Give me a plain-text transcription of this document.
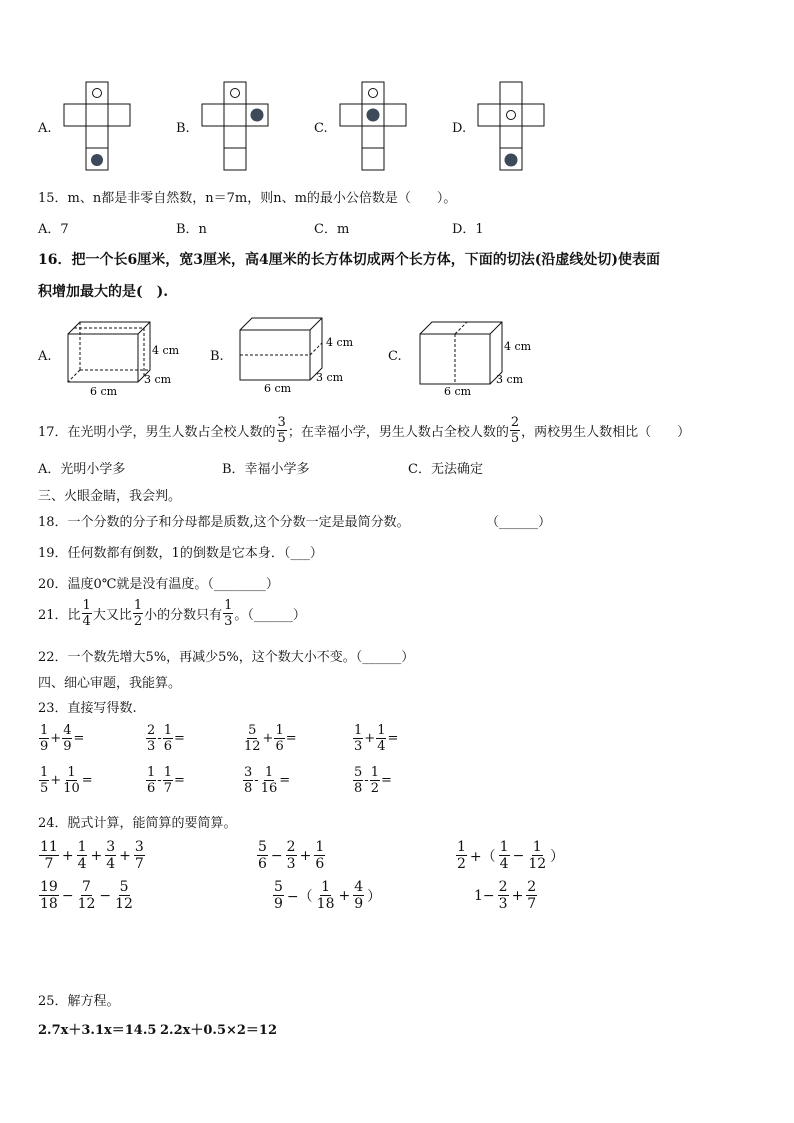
A.	B.	C.	D.
15．m、n都是非零自然数，n＝7m，则n、m的最小公倍数是（　　）。
A．7	B．n	C．m	D．1
16．把一个长6厘米，宽3厘米，高4厘米的长方体切成两个长方体，下面的切法(沿虚线处切)使表面
积增加最大的是(　).
A.	4 cm
3 cm
6 cm
B.
4 cm
3 cm
6 cm
C.
4 cm
3 cm
6 cm
17．在光明小学，男生人数占全校人数的 $\frac{3}{5}$ ；在幸福小学，男生人数占全校人数的 $\frac{2}{5}$ ，两校男生人数相比（　　）
A．光明小学多	B．幸福小学多	C．无法确定
三、火眼金睛，我会判。
18．一个分数的分子和分母都是质数,这个分数一定是最简分数。	（______）
19．任何数都有倒数，1的倒数是它本身．（___）
20．温度0℃就是没有温度。（________）
21．比 $\frac{1}{4}$ 大又比 $\frac{1}{2}$ 小的分数只有 $\frac{1}{3}$ 。（______）
22．一个数先增大5%，再减少5%，这个数大小不变。（______）
四、细心审题，我能算。
23．直接写得数.
$\frac{1}{9} + \frac{4}{9}$ =	$\frac{2}{3} - \frac{1}{6}$ =	$\frac{5}{12} + \frac{1}{6}$ =	$\frac{1}{3} + \frac{1}{4}$ =
$\frac{1}{5} + \frac{1}{10}$ =	$\frac{1}{6} - \frac{1}{7}$ =	$\frac{3}{8} - \frac{1}{16}$ =	$\frac{5}{8} - \frac{1}{2}$ =
24．脱式计算，能简算的要简算。
$\frac{11}{7} + \frac{1}{4} + \frac{3}{4} + \frac{3}{7}$	$\frac{5}{6} - \frac{2}{3} + \frac{1}{6}$	$\frac{1}{2}$ +（ $\frac{1}{4} - \frac{1}{12}$ ）
$\frac{19}{18} - \frac{7}{12} - \frac{5}{12}$	$\frac{5}{9}$ −（ $\frac{1}{18} + \frac{4}{9}$ ）	$1- \frac{2}{3} + \frac{2}{7}$
25．解方程。
2.7x＋3.1x＝14.5 2.2x＋0.5×2＝12
